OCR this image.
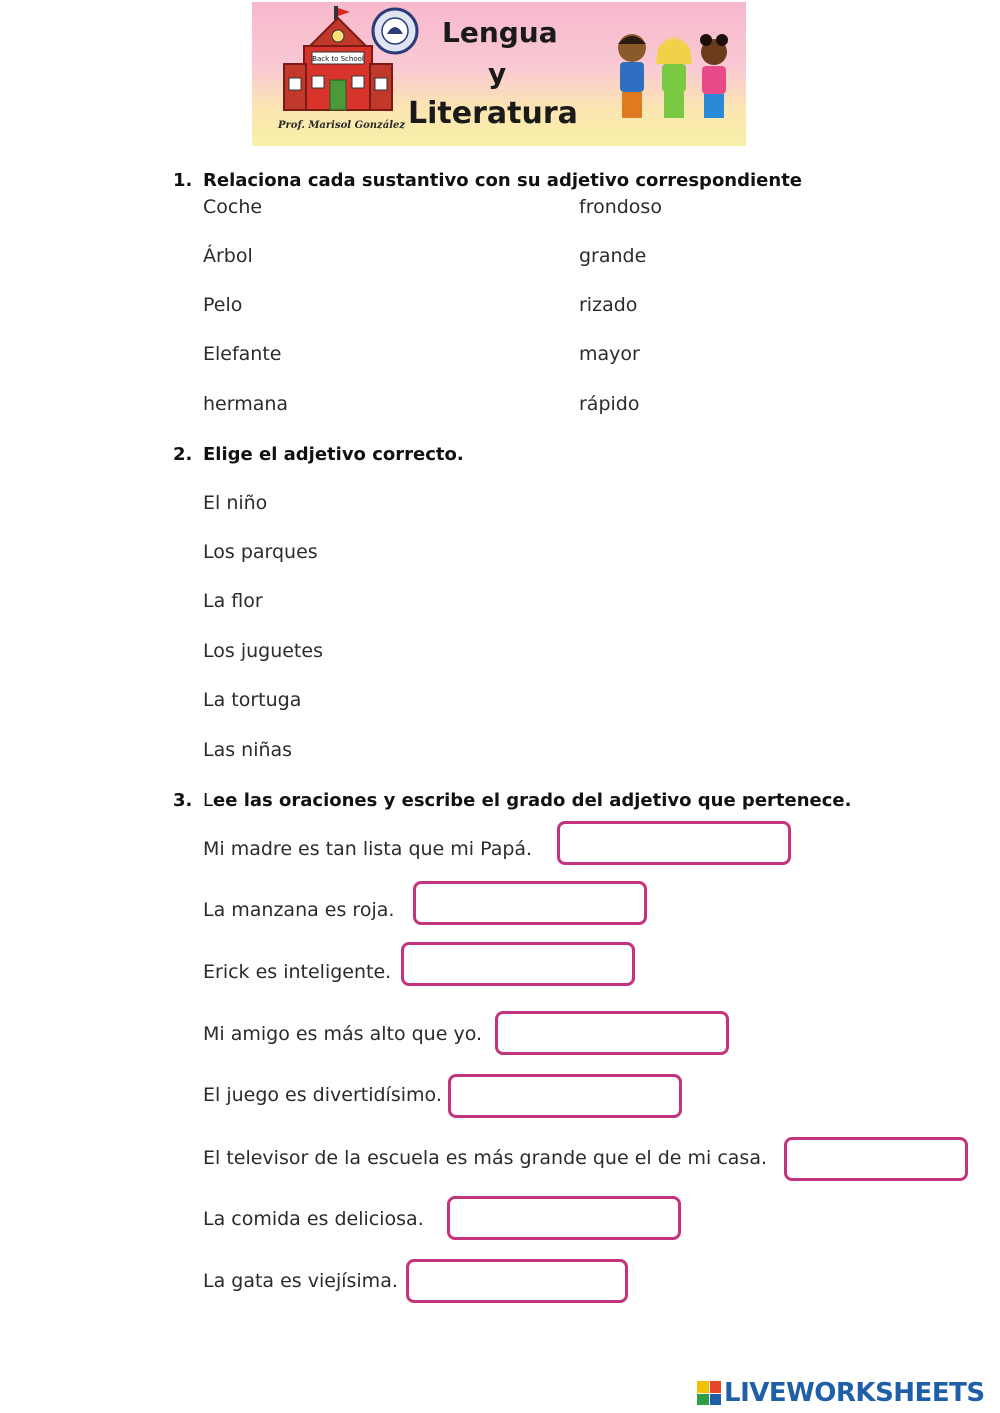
Back to School
Lengua
y
Literatura
Prof. Marisol González
1. Relaciona cada sustantivo con su adjetivo correspondiente
Coche
Árbol
Pelo
Elefante
hermana
frondoso
grande
rizado
mayor
rápido
2. Elige el adjetivo correcto.
El niño
Los parques
La flor
Los juguetes
La tortuga
Las niñas
3. Lee las oraciones y escribe el grado del adjetivo que pertenece.
Mi madre es tan lista que mi Papá.
La manzana es roja.
Erick es inteligente.
Mi amigo es más alto que yo.
El juego es divertidísimo.
El televisor de la escuela es más grande que el de mi casa.
La comida es deliciosa.
La gata es viejísima.
LIVEWORKSHEETS
